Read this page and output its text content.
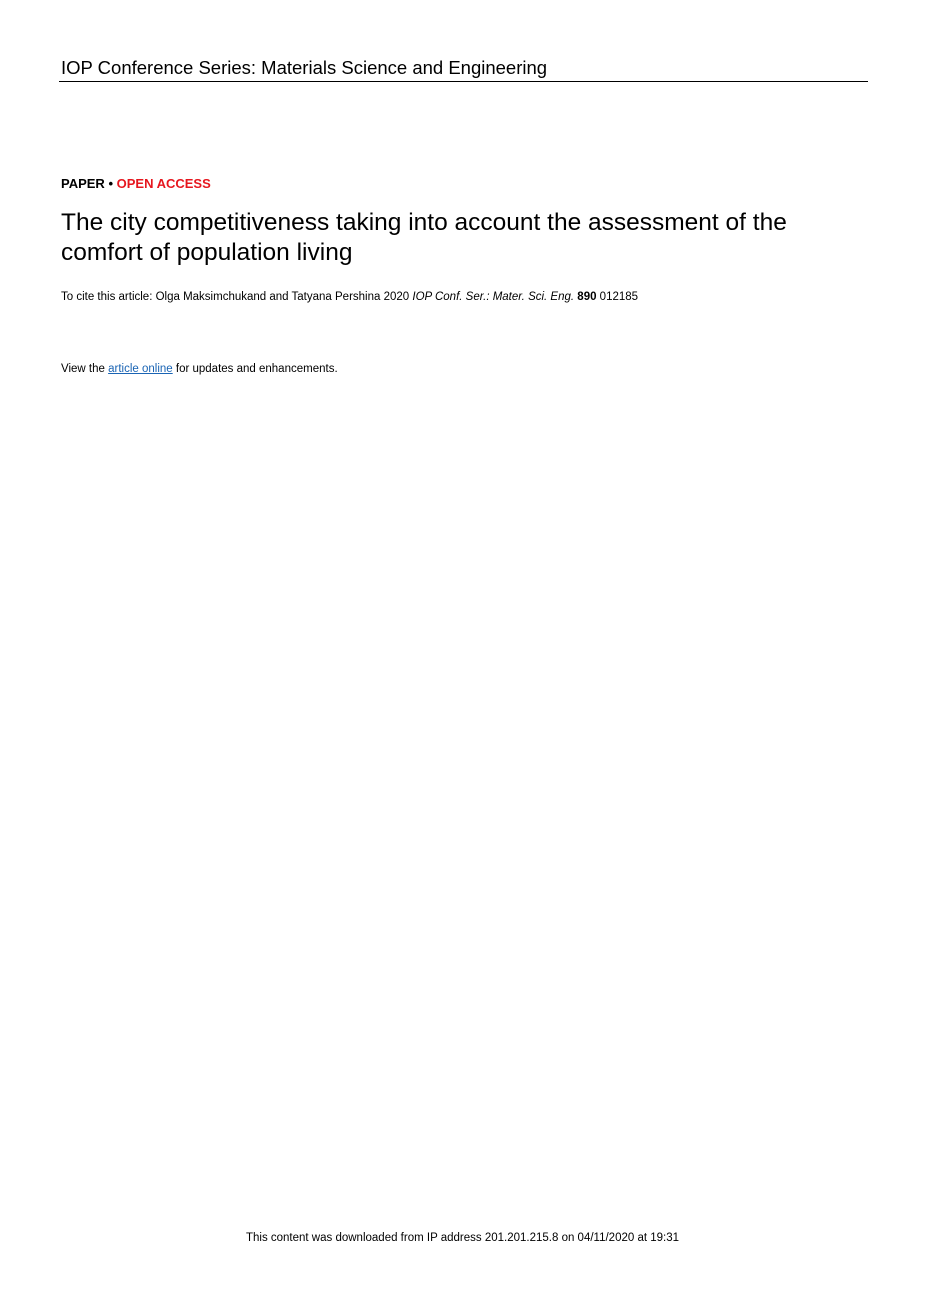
IOP Conference Series: Materials Science and Engineering
PAPER • OPEN ACCESS
The city competitiveness taking into account the assessment of the comfort of population living
To cite this article: Olga Maksimchukand and Tatyana Pershina 2020 IOP Conf. Ser.: Mater. Sci. Eng. 890 012185
View the article online for updates and enhancements.
This content was downloaded from IP address 201.201.215.8 on 04/11/2020 at 19:31
